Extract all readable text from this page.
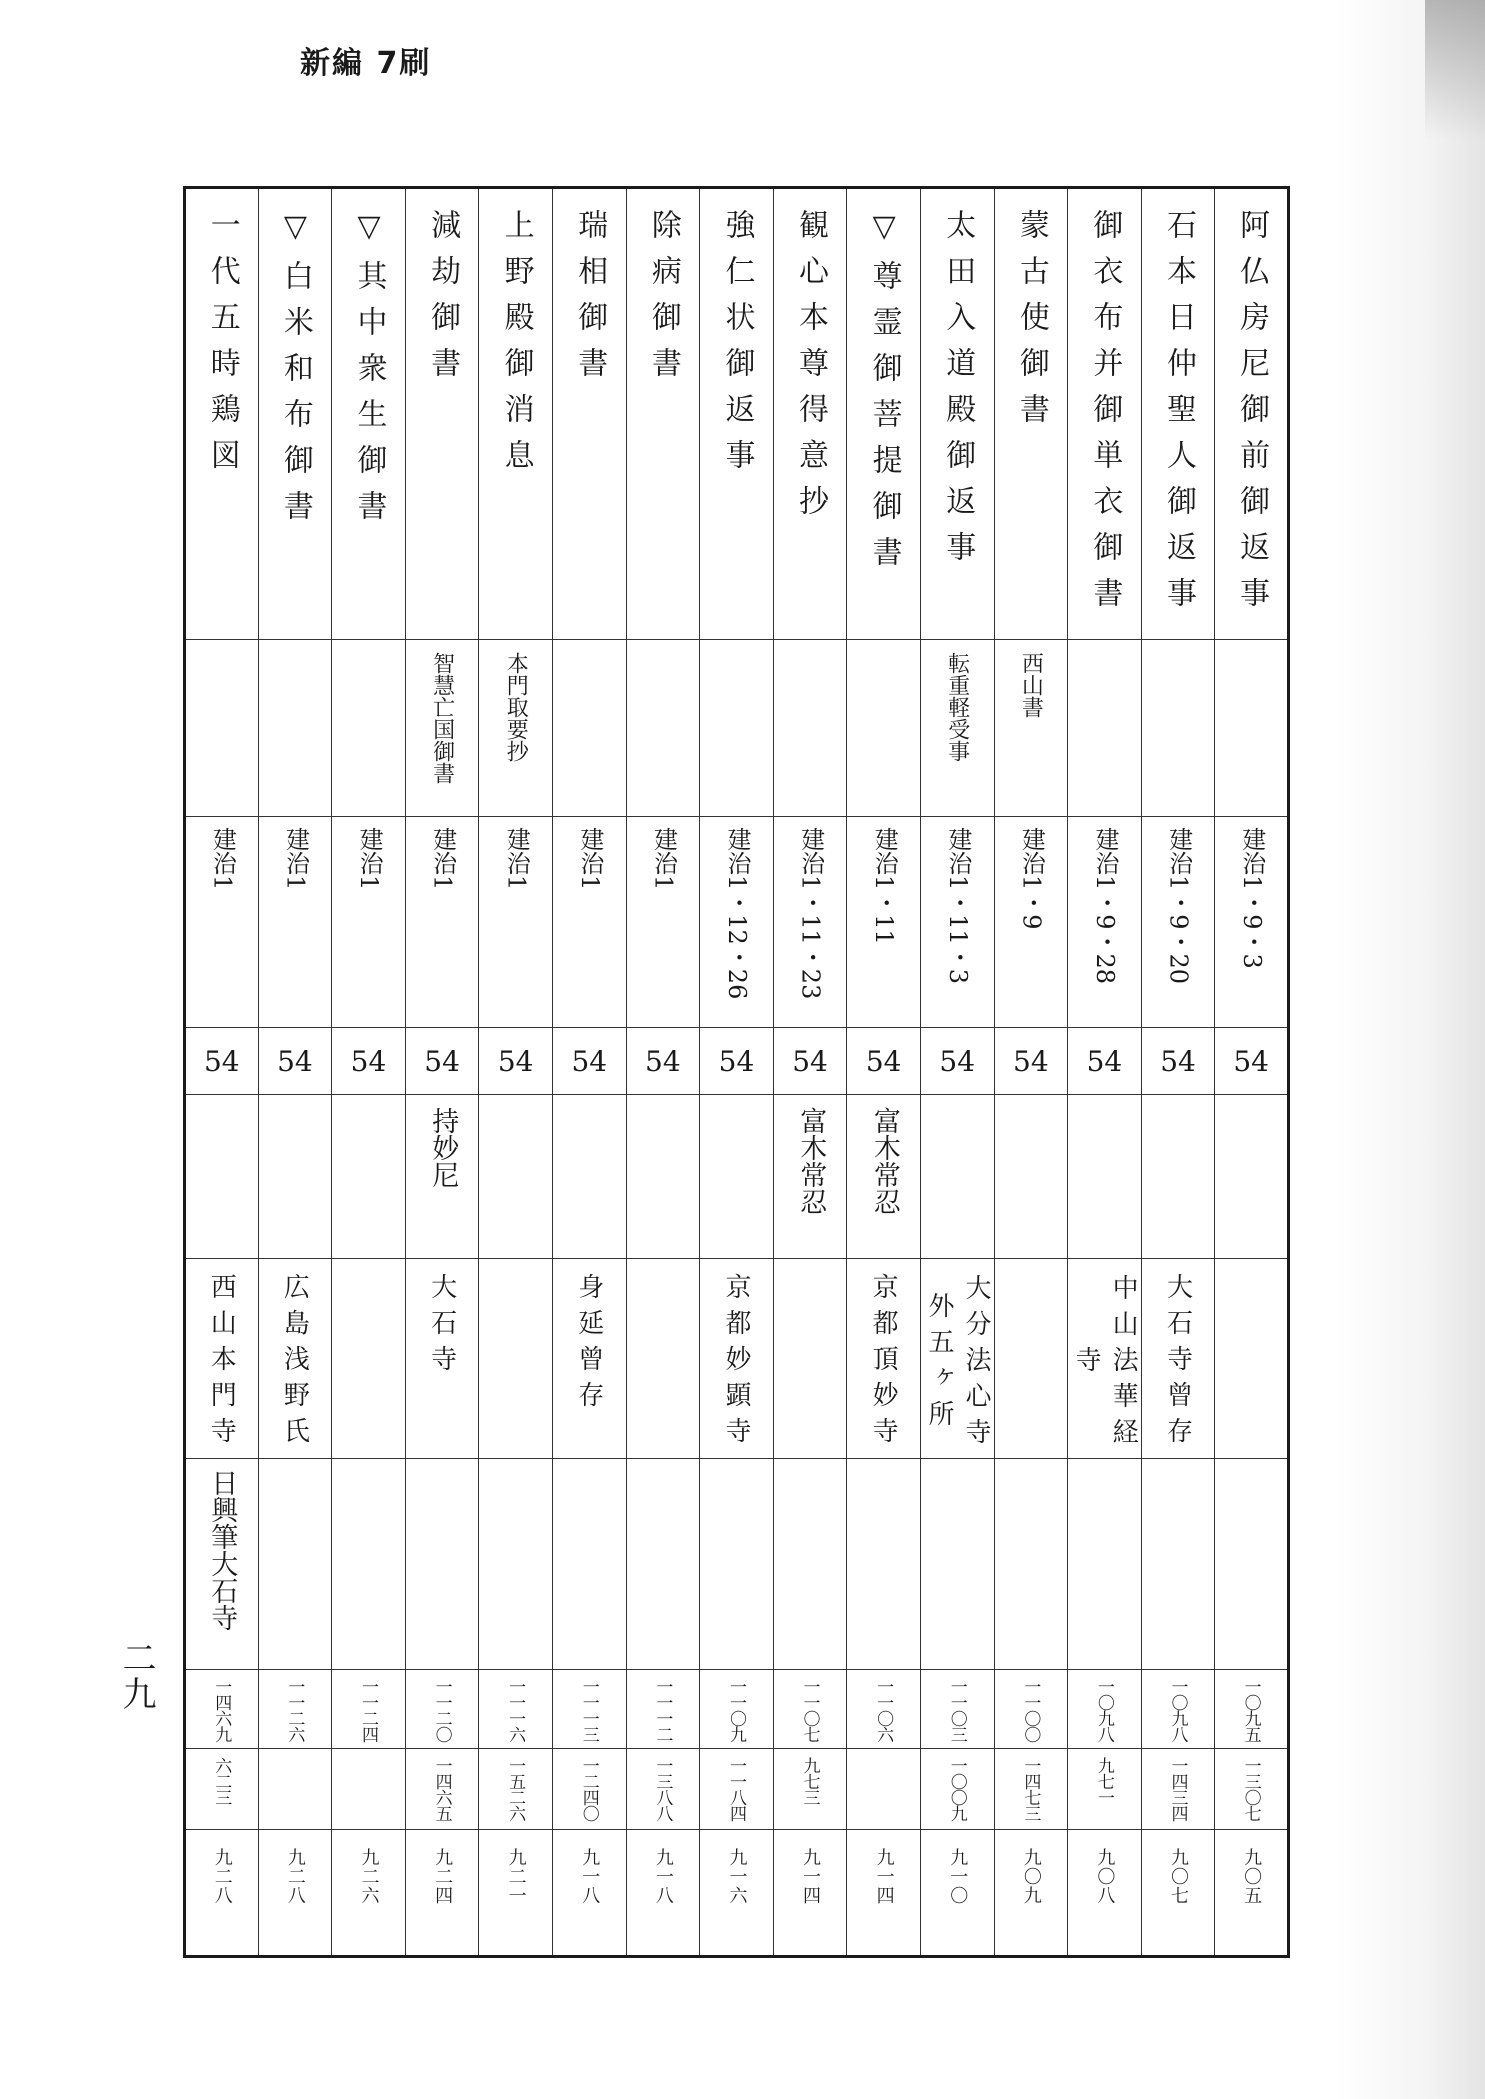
新編 7刷
一代五時鶏図	▽白米和布御書	▽其中衆生御書	減劫御書	上野殿御消息	瑞相御書	除病御書	強仁状御返事	観心本尊得意抄	▽尊霊御菩提御書	太田入道殿御返事	蒙古使御書	御衣布并御単衣御書	石本日仲聖人御返事	阿仏房尼御前御返事
			智慧亡国御書	本門取要抄						転重軽受事	西山書			
建治1	建治1	建治1	建治1	建治1	建治1	建治1	建治1・12・26	建治1・11・23	建治1・11	建治1・11・3	建治1・9	建治1・9・28	建治1・9・20	建治1・9・3
54	54	54	54	54	54	54	54	54	54	54	54	54	54	54
			持妙尼					富木常忍	富木常忍					
西山本門寺	広島浅野氏		大石寺		身延曾存		京都妙顕寺		京都頂妙寺	大分法心寺外五ヶ所		中山法華経寺	大石寺曾存	
日興筆大石寺														
一四六九	一一二六	一一二四	一一二〇	一一一六	一一一三	一一一二	一一〇九	一一〇七	一一〇六	一一〇三	一一〇〇	一〇九八	一〇九八	一〇九五
六二三			一四六五	一五二六	一二四〇	一三八八	一一八四	九七三		一〇〇九	一四七三	九七一	一四三四	一三〇七
九二八	九二八	九二六	九二四	九二一	九一八	九一八	九一六	九一四	九一四	九一〇	九〇九	九〇八	九〇七	九〇五
二九
